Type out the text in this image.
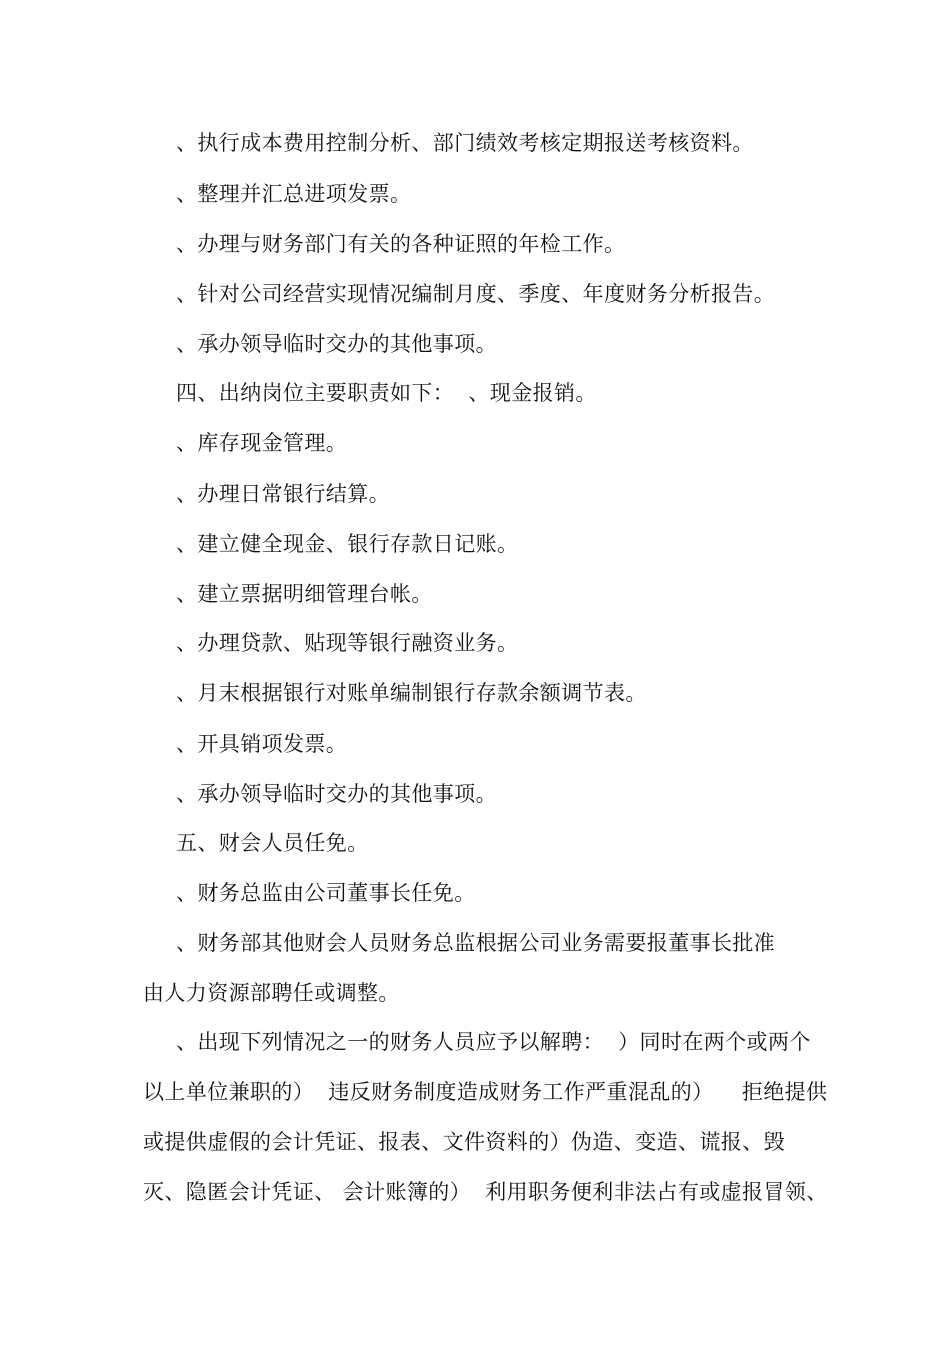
、执行成本费用控制分析、部门绩效考核定期报送考核资料。
、整理并汇总进项发票。
、办理与财务部门有关的各种证照的年检工作。
、针对公司经营实现情况编制月度、季度、年度财务分析报告。
、承办领导临时交办的其他事项。
四、出纳岗位主要职责如下：  、现金报销。
、库存现金管理。
、办理日常银行结算。
、建立健全现金、银行存款日记账。
、建立票据明细管理台帐。
、办理贷款、贴现等银行融资业务。
、月末根据银行对账单编制银行存款余额调节表。
、开具销项发票。
、承办领导临时交办的其他事项。
五、财会人员任免。
、财务总监由公司董事长任免。
、财务部其他财会人员财务总监根据公司业务需要报董事长批准
由人力资源部聘任或调整。
、出现下列情况之一的财务人员应予以解聘：  ）同时在两个或两个
以上单位兼职的）  违反财务制度造成财务工作严重混乱的）    拒绝提供
或提供虚假的会计凭证、报表、文件资料的）伪造、变造、谎报、毁
灭、隐匿会计凭证、 会计账簿的）  利用职务便利非法占有或虚报冒领、
